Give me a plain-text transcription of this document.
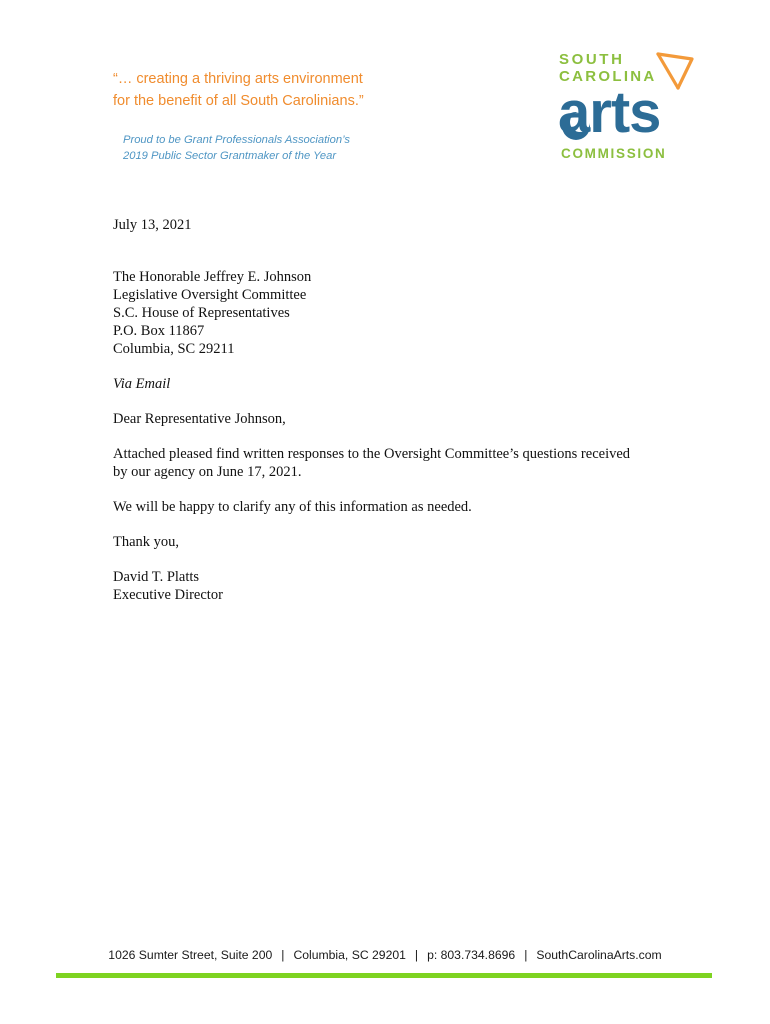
“… creating a thriving arts environment
for the benefit of all South Carolinians.”
Proud to be Grant Professionals Association’s
2019 Public Sector Grantmaker of the Year
SOUTH
CAROLINA
arts
COMMISSION

July 13, 2021

The Honorable Jeffrey E. Johnson
Legislative Oversight Committee
S.C. House of Representatives
P.O. Box 11867
Columbia, SC 29211

Via Email

Dear Representative Johnson,

Attached pleased find written responses to the Oversight Committee’s questions received
by our agency on June 17, 2021.

We will be happy to clarify any of this information as needed.

Thank you,

David T. Platts
Executive Director

1026 Sumter Street, Suite 200 | Columbia, SC 29201 | p: 803.734.8696 | SouthCarolinaArts.com
